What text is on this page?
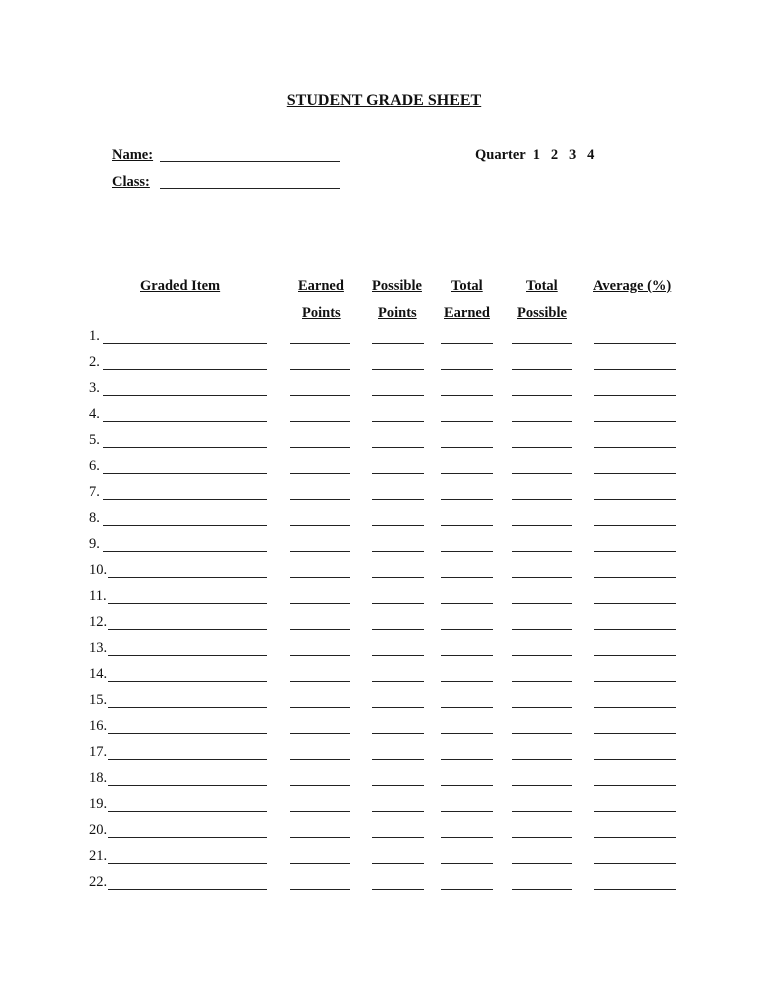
STUDENT GRADE SHEET
Name:	Quarter  1   2   3   4
Class:
Graded Item	Earned
Points
Possible
Points
Total
Earned
Total
Possible
Average (%)
1.
2.
3.
4.
5.
6.
7.
8.
9.
10.
11.
12.
13.
14.
15.
16.
17.
18.
19.
20.
21.
22.
